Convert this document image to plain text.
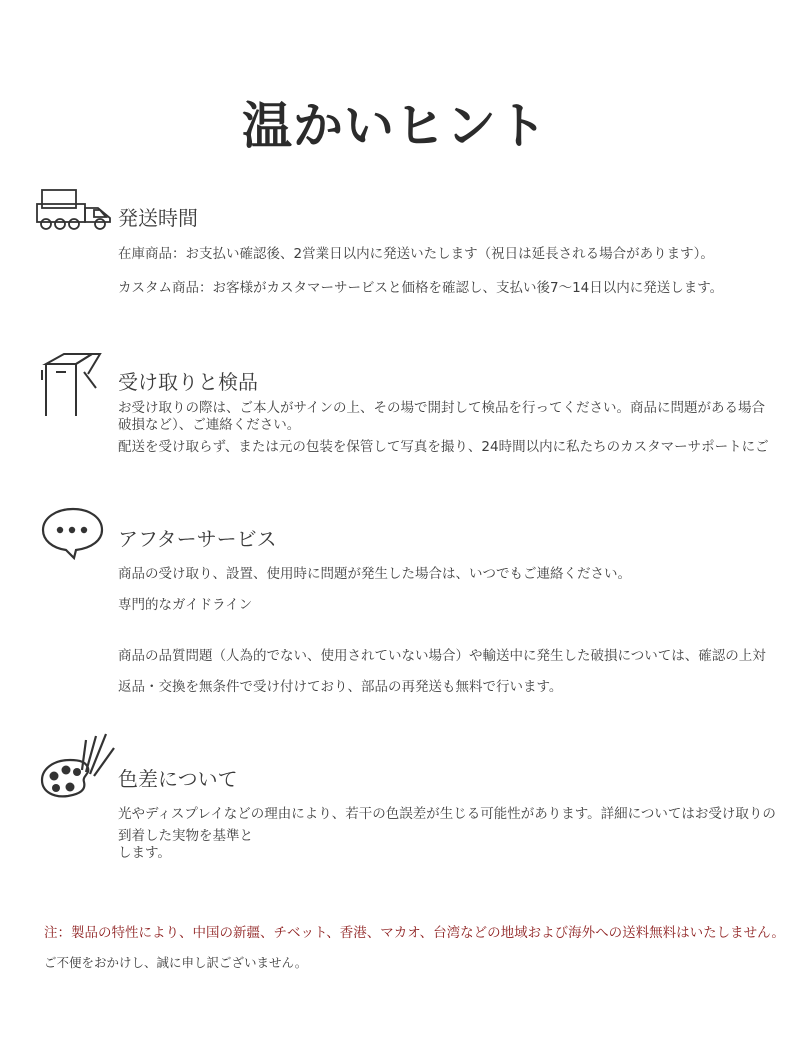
温かいヒント
発送時間
在庫商品：お支払い確認後、2営業日以内に発送いたします（祝日は延長される場合があります）。
カスタム商品：お客様がカスタマーサービスと価格を確認し、支払い後7〜14日以内に発送します。
受け取りと検品
お受け取りの際は、ご本人がサインの上、その場で開封して検品を行ってください。商品に問題がある場合
破損など）、ご連絡ください。
配送を受け取らず、または元の包装を保管して写真を撮り、24時間以内に私たちのカスタマーサポートにご
アフターサービス
商品の受け取り、設置、使用時に問題が発生した場合は、いつでもご連絡ください。
専門的なガイドライン
商品の品質問題（人為的でない、使用されていない場合）や輸送中に発生した破損については、確認の上対
返品・交換を無条件で受け付けており、部品の再発送も無料で行います。
色差について
光やディスプレイなどの理由により、若干の色誤差が生じる可能性があります。詳細についてはお受け取りの
到着した実物を基準と
します。
注：製品の特性により、中国の新疆、チベット、香港、マカオ、台湾などの地域および海外への送料無料はいたしません。
ご不便をおかけし、誠に申し訳ございません。
